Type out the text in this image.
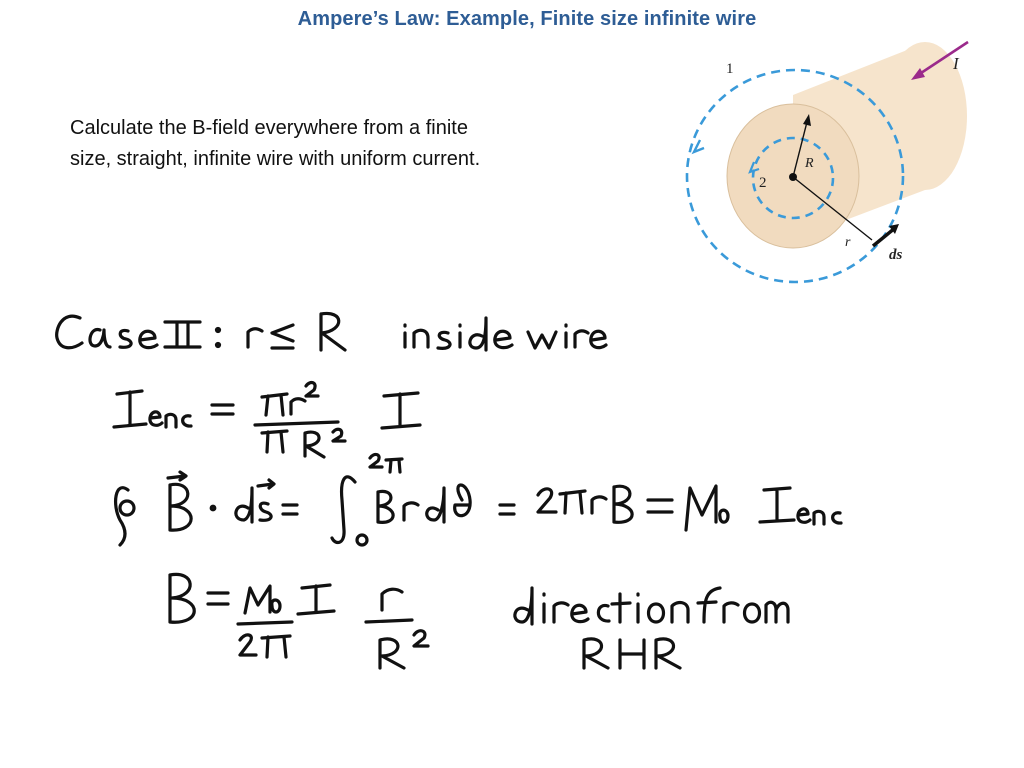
Ampere’s Law: Example, Finite size infinite wire
Calculate the B-field everywhere from a finite
size, straight, infinite wire with uniform current.
1
2
I
R
r
ds
